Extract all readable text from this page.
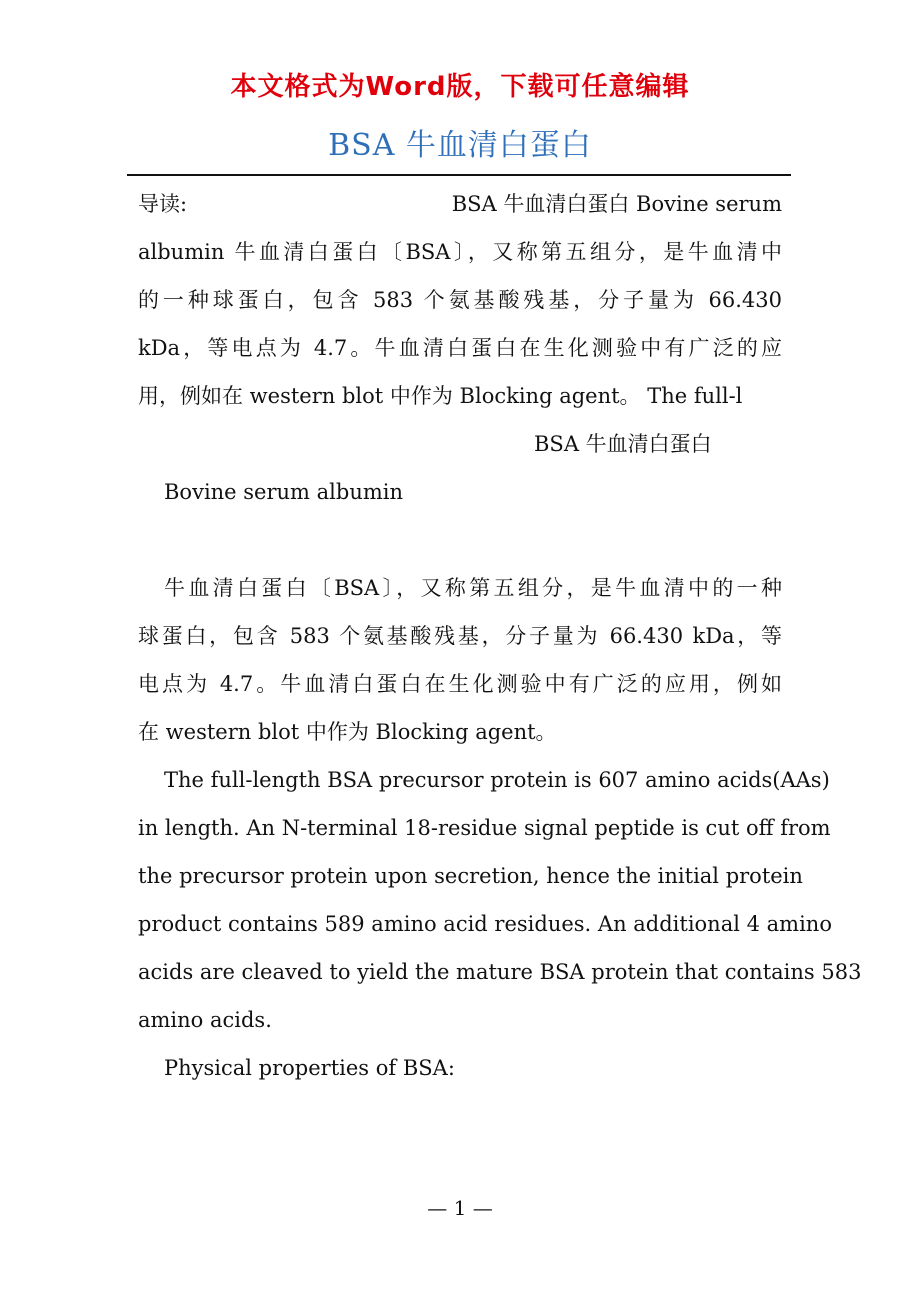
本文格式为Word版，下载可任意编辑
BSA 牛血清白蛋白
导读:	BSA 牛血清白蛋白 Bovine serum
albumin 牛血清白蛋白〔BSA〕，又称第五组分，是牛血清中
的一种球蛋白，包含 583 个氨基酸残基，分子量为 66.430
kDa，等电点为 4.7。牛血清白蛋白在生化测验中有广泛的应
用，例如在 western blot 中作为 Blocking agent。 The full-l
BSA 牛血清白蛋白
Bovine serum albumin
牛血清白蛋白〔BSA〕，又称第五组分，是牛血清中的一种
球蛋白，包含 583 个氨基酸残基，分子量为 66.430 kDa，等
电点为 4.7。牛血清白蛋白在生化测验中有广泛的应用，例如
在 western blot 中作为 Blocking agent。
The full-length BSA precursor protein is 607 amino acids(AAs)
in length. An N-terminal 18-residue signal peptide is cut off from
the precursor protein upon secretion, hence the initial protein
product contains 589 amino acid residues. An additional 4 amino
acids are cleaved to yield the mature BSA protein that contains 583
amino acids.
Physical properties of BSA:
— 1 —
